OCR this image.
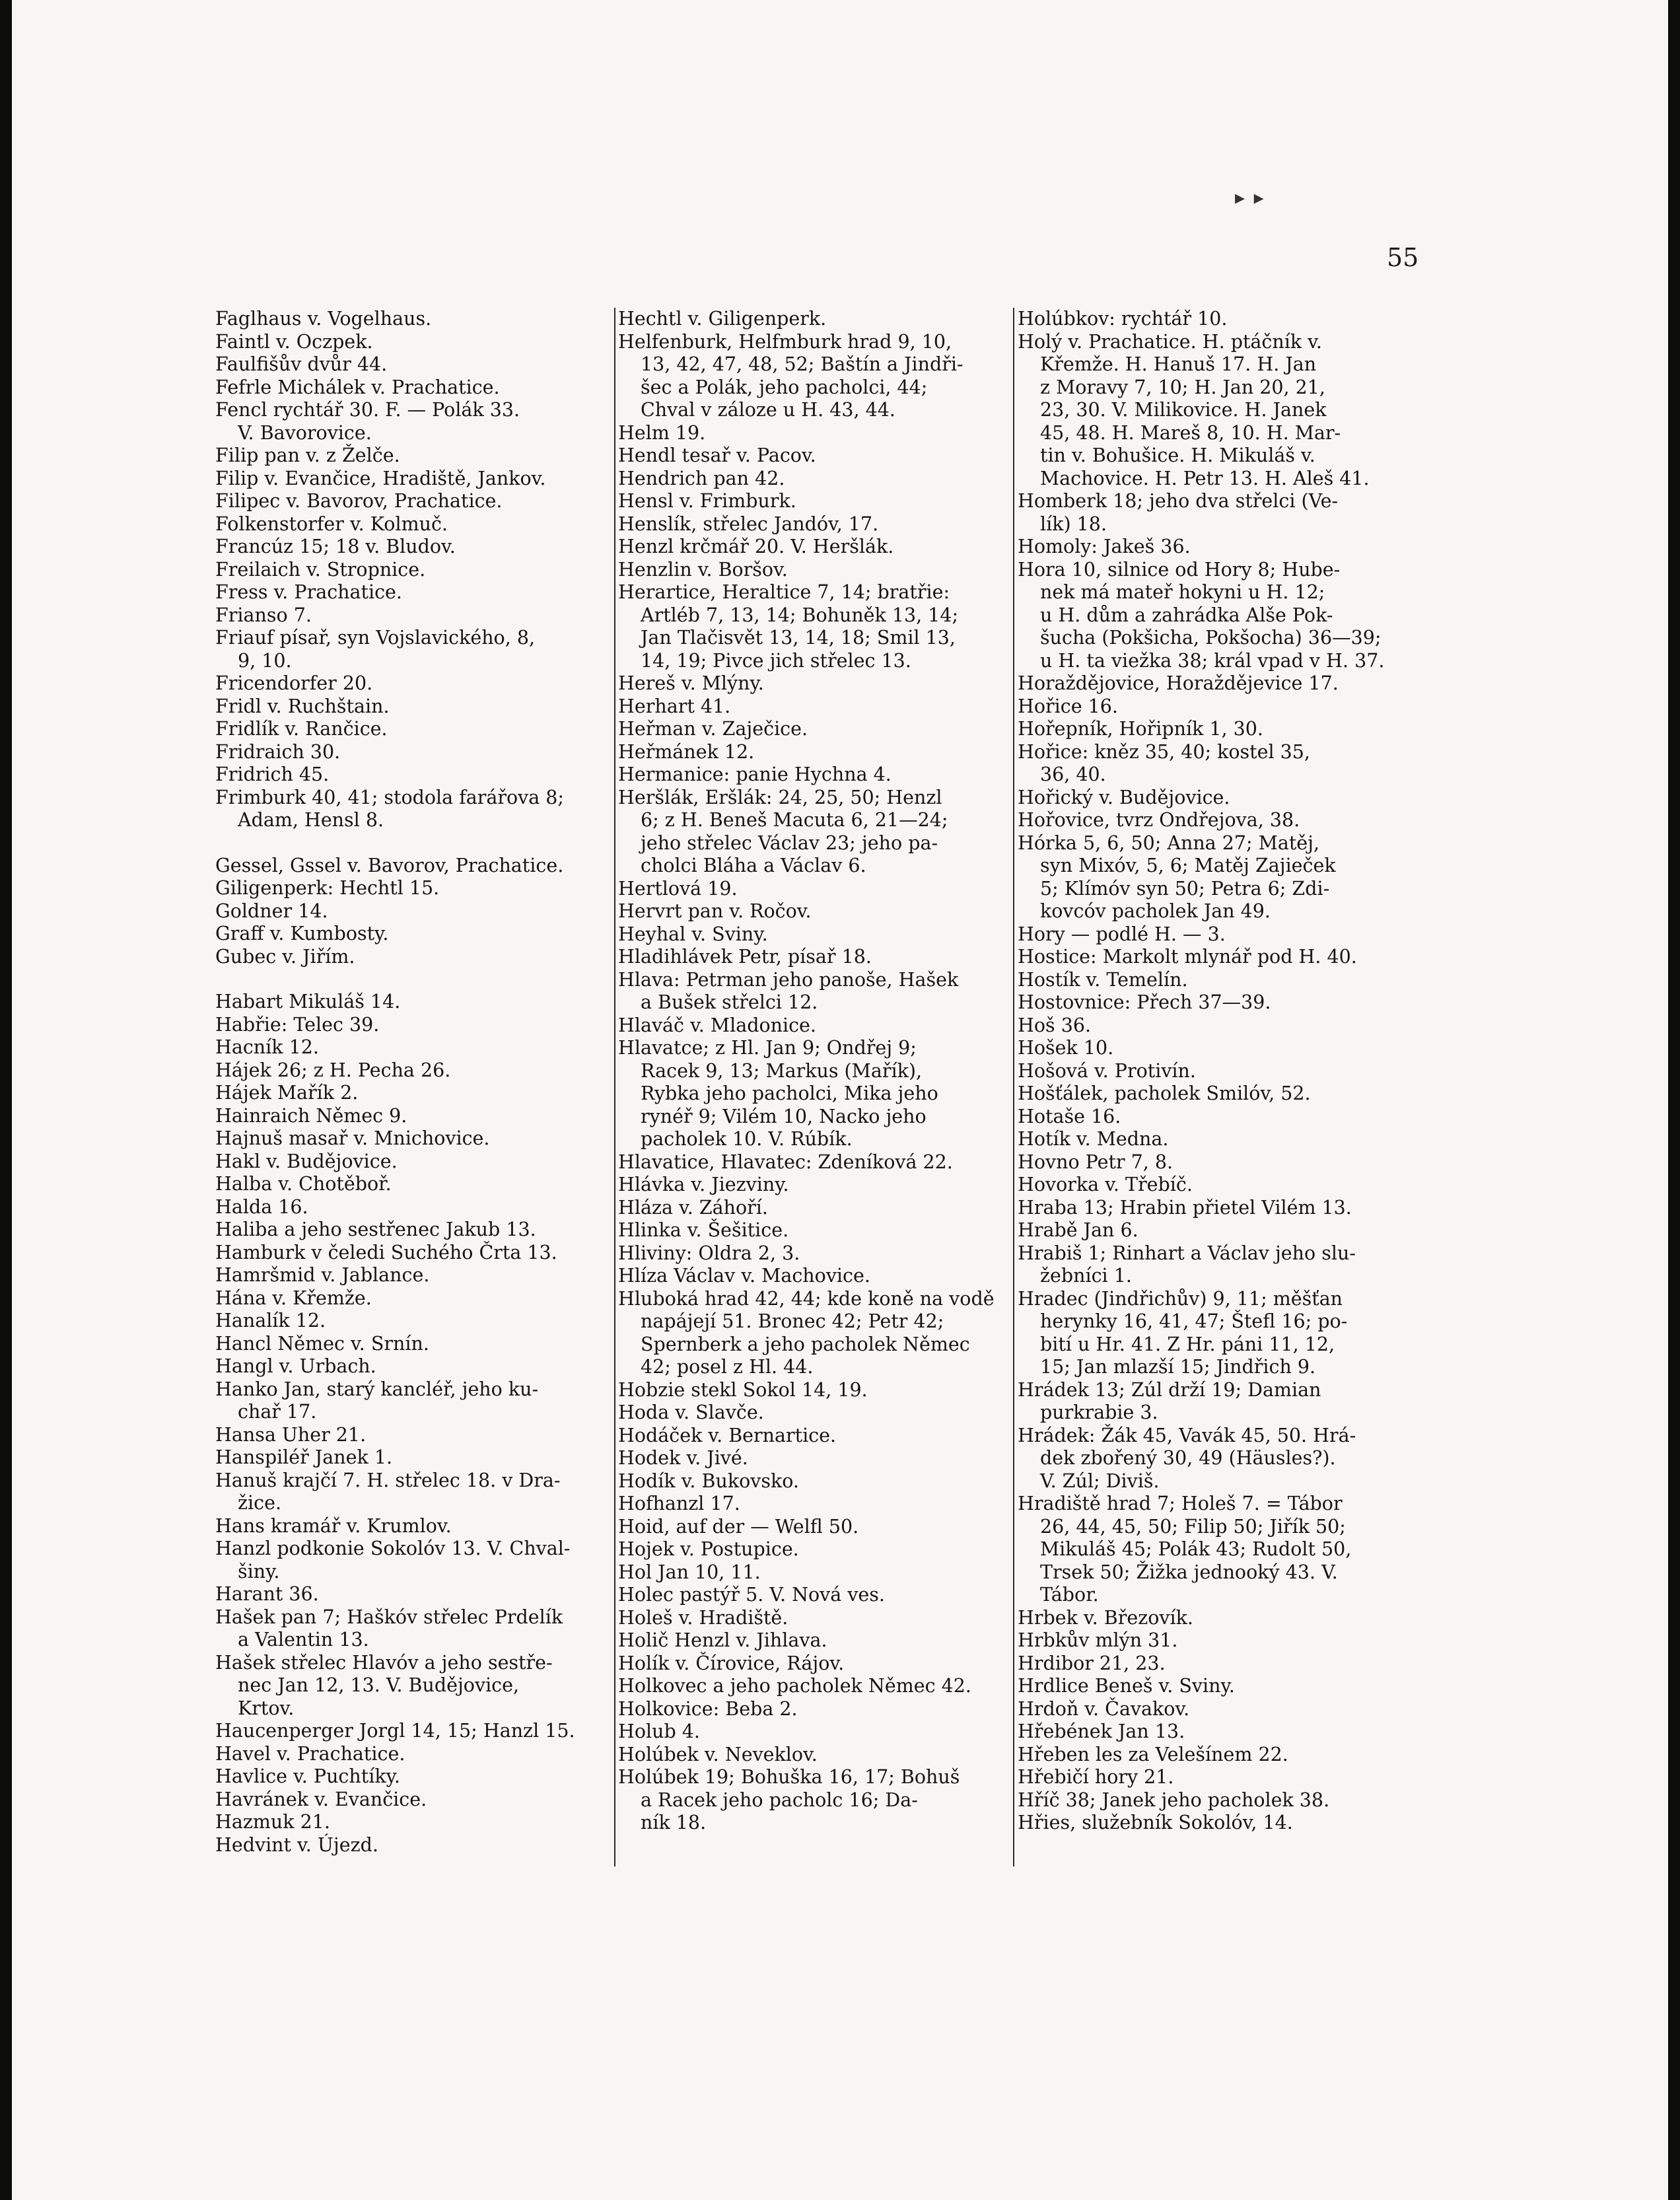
▸ ▸
55
Faglhaus v. Vogelhaus.
Faintl v. Oczpek.
Faulfišův dvůr 44.
Fefrle Michálek v. Prachatice.
Fencl rychtář 30. F. — Polák 33.
V. Bavorovice.
Filip pan v. z Želče.
Filip v. Evančice, Hradiště, Jankov.
Filipec v. Bavorov, Prachatice.
Folkenstorfer v. Kolmuč.
Francúz 15; 18 v. Bludov.
Freilaich v. Stropnice.
Fress v. Prachatice.
Frianso 7.
Friauf písař, syn Vojslavického, 8,
9, 10.
Fricendorfer 20.
Fridl v. Ruchštain.
Fridlík v. Rančice.
Fridraich 30.
Fridrich 45.
Frimburk 40, 41; stodola farářova 8;
Adam, Hensl 8.
Gessel, Gssel v. Bavorov, Prachatice.
Giligenperk: Hechtl 15.
Goldner 14.
Graff v. Kumbosty.
Gubec v. Jiřím.
Habart Mikuláš 14.
Habřie: Telec 39.
Hacník 12.
Hájek 26; z H. Pecha 26.
Hájek Mařík 2.
Hainraich Němec 9.
Hajnuš masař v. Mnichovice.
Hakl v. Budějovice.
Halba v. Chotěboř.
Halda 16.
Haliba a jeho sestřenec Jakub 13.
Hamburk v čeledi Suchého Črta 13.
Hamršmid v. Jablance.
Hána v. Křemže.
Hanalík 12.
Hancl Němec v. Srnín.
Hangl v. Urbach.
Hanko Jan, starý kancléř, jeho ku-
chař 17.
Hansa Uher 21.
Hanspiléř Janek 1.
Hanuš krajčí 7. H. střelec 18. v Dra-
žice.
Hans kramář v. Krumlov.
Hanzl podkonie Sokolóv 13. V. Chval-
šiny.
Harant 36.
Hašek pan 7; Haškóv střelec Prdelík
a Valentin 13.
Hašek střelec Hlavóv a jeho sestře-
nec Jan 12, 13. V. Budějovice,
Krtov.
Haucenperger Jorgl 14, 15; Hanzl 15.
Havel v. Prachatice.
Havlice v. Puchtíky.
Havránek v. Evančice.
Hazmuk 21.
Hedvint v. Újezd.
Hechtl v. Giligenperk.
Helfenburk, Helfmburk hrad 9, 10,
13, 42, 47, 48, 52; Baštín a Jindři-
šec a Polák, jeho pacholci, 44;
Chval v záloze u H. 43, 44.
Helm 19.
Hendl tesař v. Pacov.
Hendrich pan 42.
Hensl v. Frimburk.
Henslík, střelec Jandóv, 17.
Henzl krčmář 20. V. Heršlák.
Henzlin v. Boršov.
Herartice, Heraltice 7, 14; bratřie:
Artléb 7, 13, 14; Bohuněk 13, 14;
Jan Tlačisvět 13, 14, 18; Smil 13,
14, 19; Pivce jich střelec 13.
Hereš v. Mlýny.
Herhart 41.
Heřman v. Zaječice.
Heřmánek 12.
Hermanice: panie Hychna 4.
Heršlák, Eršlák: 24, 25, 50; Henzl
6; z H. Beneš Macuta 6, 21—24;
jeho střelec Václav 23; jeho pa-
cholci Bláha a Václav 6.
Hertlová 19.
Hervrt pan v. Ročov.
Heyhal v. Sviny.
Hladihlávek Petr, písař 18.
Hlava: Petrman jeho panoše, Hašek
a Bušek střelci 12.
Hlaváč v. Mladonice.
Hlavatce; z Hl. Jan 9; Ondřej 9;
Racek 9, 13; Markus (Mařík),
Rybka jeho pacholci, Mika jeho
rynéř 9; Vilém 10, Nacko jeho
pacholek 10. V. Rúbík.
Hlavatice, Hlavatec: Zdeníková 22.
Hlávka v. Jiezviny.
Hláza v. Záhoří.
Hlinka v. Šešitice.
Hliviny: Oldra 2, 3.
Hlíza Václav v. Machovice.
Hluboká hrad 42, 44; kde koně na vodě
napájejí 51. Bronec 42; Petr 42;
Spernberk a jeho pacholek Němec
42; posel z Hl. 44.
Hobzie stekl Sokol 14, 19.
Hoda v. Slavče.
Hodáček v. Bernartice.
Hodek v. Jivé.
Hodík v. Bukovsko.
Hofhanzl 17.
Hoid, auf der — Welfl 50.
Hojek v. Postupice.
Hol Jan 10, 11.
Holec pastýř 5. V. Nová ves.
Holeš v. Hradiště.
Holič Henzl v. Jihlava.
Holík v. Čírovice, Rájov.
Holkovec a jeho pacholek Němec 42.
Holkovice: Beba 2.
Holub 4.
Holúbek v. Neveklov.
Holúbek 19; Bohuška 16, 17; Bohuš
a Racek jeho pacholc 16; Da-
ník 18.
Holúbkov: rychtář 10.
Holý v. Prachatice. H. ptáčník v.
Křemže. H. Hanuš 17. H. Jan
z Moravy 7, 10; H. Jan 20, 21,
23, 30. V. Milikovice. H. Janek
45, 48. H. Mareš 8, 10. H. Mar-
tin v. Bohušice. H. Mikuláš v.
Machovice. H. Petr 13. H. Aleš 41.
Homberk 18; jeho dva střelci (Ve-
lík) 18.
Homoly: Jakeš 36.
Hora 10, silnice od Hory 8; Hube-
nek má mateř hokyni u H. 12;
u H. dům a zahrádka Alše Pok-
šucha (Pokšicha, Pokšocha) 36—39;
u H. ta viežka 38; král vpad v H. 37.
Horaždějovice, Horaždějevice 17.
Hořice 16.
Hořepník, Hořipník 1, 30.
Hořice: kněz 35, 40; kostel 35,
36, 40.
Hořický v. Budějovice.
Hořovice, tvrz Ondřejova, 38.
Hórka 5, 6, 50; Anna 27; Matěj,
syn Mixóv, 5, 6; Matěj Zajieček
5; Klímóv syn 50; Petra 6; Zdi-
kovcóv pacholek Jan 49.
Hory — podlé H. — 3.
Hostice: Markolt mlynář pod H. 40.
Hostík v. Temelín.
Hostovnice: Přech 37—39.
Hoš 36.
Hošek 10.
Hošová v. Protivín.
Hošťálek, pacholek Smilóv, 52.
Hotaše 16.
Hotík v. Medna.
Hovno Petr 7, 8.
Hovorka v. Třebíč.
Hraba 13; Hrabin přietel Vilém 13.
Hrabě Jan 6.
Hrabiš 1; Rinhart a Václav jeho slu-
žebníci 1.
Hradec (Jindřichův) 9, 11; měšťan
herynky 16, 41, 47; Štefl 16; po-
bití u Hr. 41. Z Hr. páni 11, 12,
15; Jan mlazší 15; Jindřich 9.
Hrádek 13; Zúl drží 19; Damian
purkrabie 3.
Hrádek: Žák 45, Vavák 45, 50. Hrá-
dek zbořený 30, 49 (Häusles?).
V. Zúl; Diviš.
Hradiště hrad 7; Holeš 7. = Tábor
26, 44, 45, 50; Filip 50; Jiřík 50;
Mikuláš 45; Polák 43; Rudolt 50,
Trsek 50; Žižka jednooký 43. V.
Tábor.
Hrbek v. Březovík.
Hrbkův mlýn 31.
Hrdibor 21, 23.
Hrdlice Beneš v. Sviny.
Hrdoň v. Čavakov.
Hřebének Jan 13.
Hřeben les za Velešínem 22.
Hřebičí hory 21.
Hříč 38; Janek jeho pacholek 38.
Hřies, služebník Sokolóv, 14.
